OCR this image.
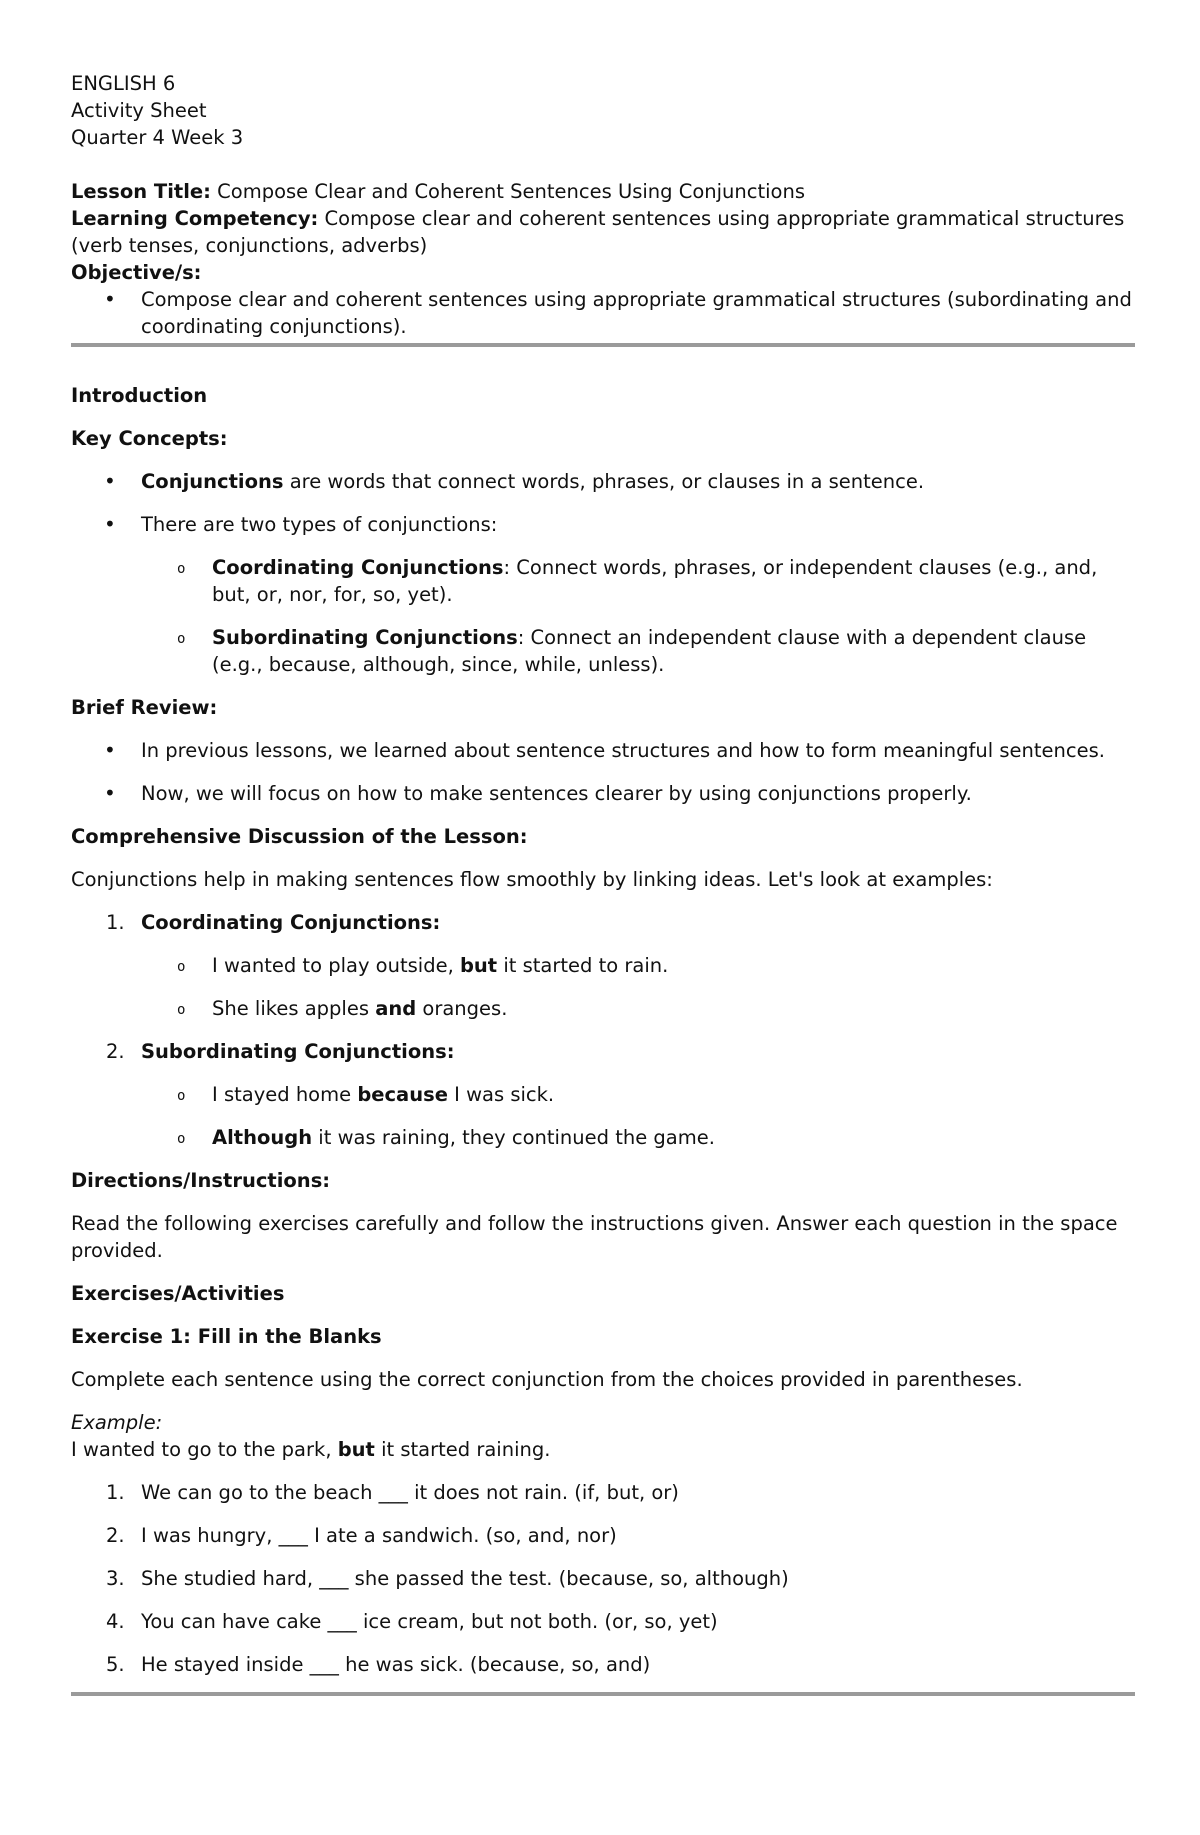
ENGLISH 6
Activity Sheet
Quarter 4 Week 3
Lesson Title: Compose Clear and Coherent Sentences Using Conjunctions
Learning Competency: Compose clear and coherent sentences using appropriate grammatical structures (verb tenses, conjunctions, adverbs)
Objective/s:
• Compose clear and coherent sentences using appropriate grammatical structures (subordinating and coordinating conjunctions).
Introduction
Key Concepts:
• Conjunctions are words that connect words, phrases, or clauses in a sentence.
• There are two types of conjunctions:
o Coordinating Conjunctions: Connect words, phrases, or independent clauses (e.g., and, but, or, nor, for, so, yet).
o Subordinating Conjunctions: Connect an independent clause with a dependent clause (e.g., because, although, since, while, unless).
Brief Review:
• In previous lessons, we learned about sentence structures and how to form meaningful sentences.
• Now, we will focus on how to make sentences clearer by using conjunctions properly.
Comprehensive Discussion of the Lesson:
Conjunctions help in making sentences flow smoothly by linking ideas. Let's look at examples:
1. Coordinating Conjunctions:
o I wanted to play outside, but it started to rain.
o She likes apples and oranges.
2. Subordinating Conjunctions:
o I stayed home because I was sick.
o Although it was raining, they continued the game.
Directions/Instructions:
Read the following exercises carefully and follow the instructions given. Answer each question in the space provided.
Exercises/Activities
Exercise 1: Fill in the Blanks
Complete each sentence using the correct conjunction from the choices provided in parentheses.
Example:
I wanted to go to the park, but it started raining.
1. We can go to the beach ___ it does not rain. (if, but, or)
2. I was hungry, ___ I ate a sandwich. (so, and, nor)
3. She studied hard, ___ she passed the test. (because, so, although)
4. You can have cake ___ ice cream, but not both. (or, so, yet)
5. He stayed inside ___ he was sick. (because, so, and)
